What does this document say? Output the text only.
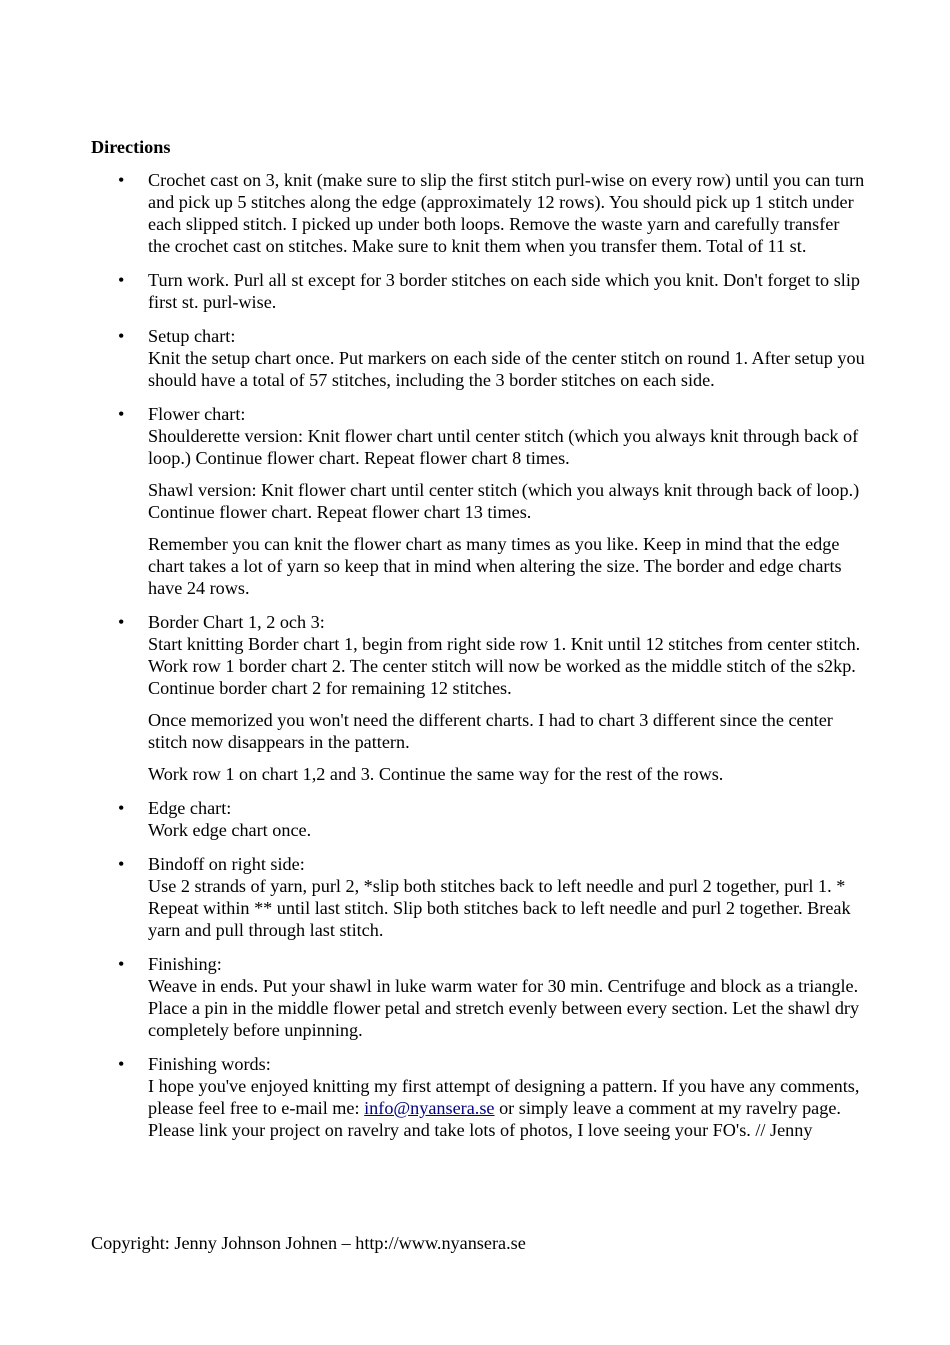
Directions
• Crochet cast on 3, knit (make sure to slip the first stitch purl-wise on every row) until you can turn and pick up 5 stitches along the edge (approximately 12 rows). You should pick up 1 stitch under each slipped stitch. I picked up under both loops. Remove the waste yarn and carefully transfer the crochet cast on stitches. Make sure to knit them when you transfer them. Total of 11 st.

• Turn work. Purl all st except for 3 border stitches on each side which you knit. Don't forget to slip first st. purl-wise.

• Setup chart:

Knit the setup chart once. Put markers on each side of the center stitch on round 1. After setup you should have a total of 57 stitches, including the 3 border stitches on each side.

• Flower chart:

Shoulderette version: Knit flower chart until center stitch (which you always knit through back of loop.) Continue flower chart. Repeat flower chart 8 times.

Shawl version: Knit flower chart until center stitch (which you always knit through back of loop.) Continue flower chart. Repeat flower chart 13 times.

Remember you can knit the flower chart as many times as you like. Keep in mind that the edge chart takes a lot of yarn so keep that in mind when altering the size. The border and edge charts have 24 rows.

• Border Chart 1, 2 och 3:

Start knitting Border chart 1, begin from right side row 1. Knit until 12 stitches from center stitch. Work row 1 border chart 2. The center stitch will now be worked as the middle stitch of the s2kp. Continue border chart 2 for remaining 12 stitches.

Once memorized you won't need the different charts. I had to chart 3 different since the center stitch now disappears in the pattern.

Work row 1 on chart 1,2 and 3. Continue the same way for the rest of the rows.

• Edge chart:

Work edge chart once.

• Bindoff on right side:

Use 2 strands of yarn, purl 2, *slip both stitches back to left needle and purl 2 together, purl 1. * Repeat within ** until last stitch. Slip both stitches back to left needle and purl 2 together. Break yarn and pull through last stitch.

• Finishing:

Weave in ends. Put your shawl in luke warm water for 30 min. Centrifuge and block as a triangle. Place a pin in the middle flower petal and stretch evenly between every section. Let the shawl dry completely before unpinning.

• Finishing words:

I hope you've enjoyed knitting my first attempt of designing a pattern. If you have any comments, please feel free to e-mail me: info@nyansera.se or simply leave a comment at my ravelry page. Please link your project on ravelry and take lots of photos, I love seeing your FO's. // Jenny

Copyright: Jenny Johnson Johnen – http://www.nyansera.se
